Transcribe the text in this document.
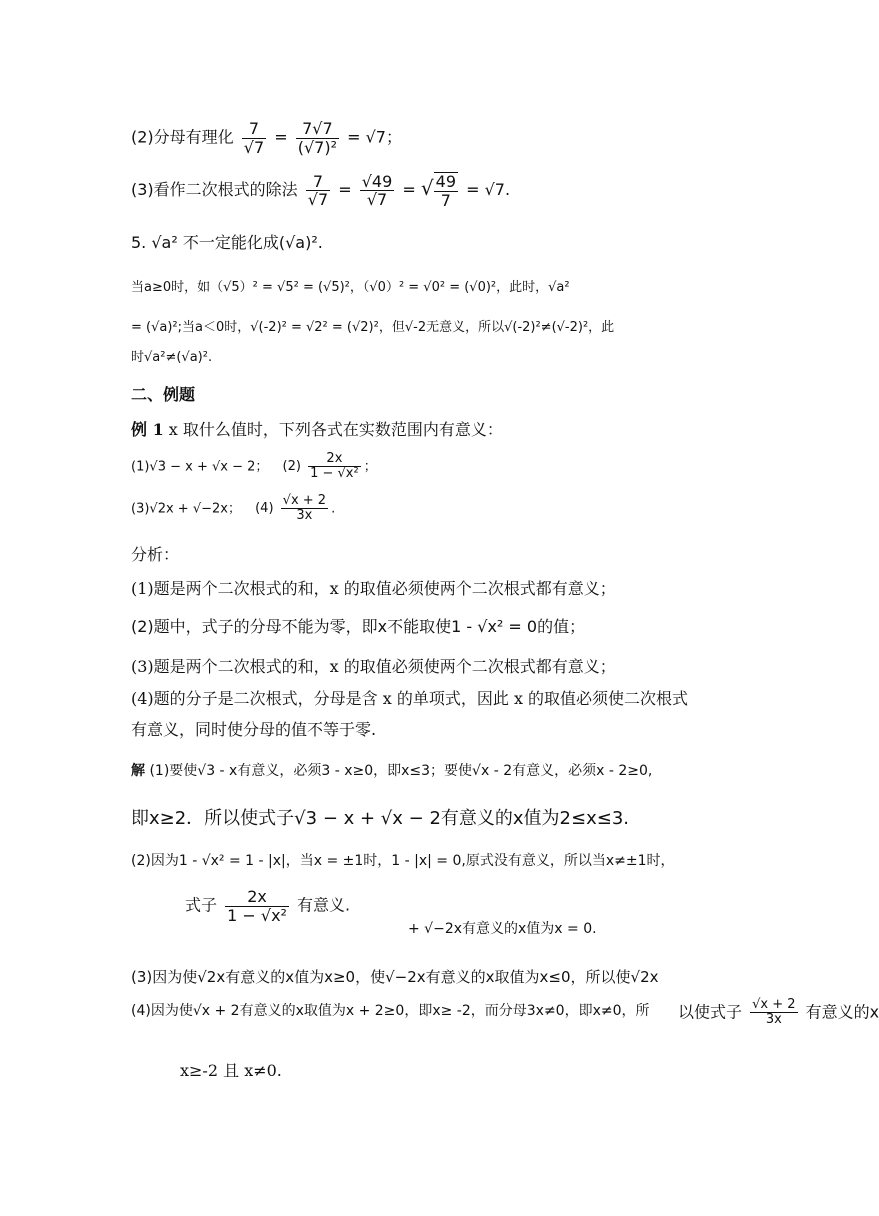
(2)分母有理化 $\frac{7}{√7} = \frac{7√7}{\text{(√7)²}} = √7$；
(3)看作二次根式的除法 $\frac{7}{√7} = \frac{√49}{√7}$ = √ $\frac{49}{7} = √7$.
5. √a² 不一定能化成(√a)².
当a≥0时，如（√5）² = √5² = (√5)²，（√0）² = √0² = (√0)²，此时，√a²
= (√a)²;当a＜0时，√(-2)² = √2² = (√2)²，但√-2无意义，所以√(-2)²≠(√-2)²，此
时√a²≠(√a)².
二、例题
例 1 x 取什么值时，下列各式在实数范围内有意义：
(1)√3 − x + √x − 2； $(2) \frac{2x}{\text{1 − √x²}}$ ；
(3)√2x + √−2x； $(4) \frac{√x + 2}{3x}$ .
分析：
(1)题是两个二次根式的和，x 的取值必须使两个二次根式都有意义；
(2)题中，式子的分母不能为零，即x不能取使1 - √x² = 0的值；
(3)题是两个二次根式的和，x 的取值必须使两个二次根式都有意义；
(4)题的分子是二次根式，分母是含 x 的单项式，因此 x 的取值必须使二次根式
有意义，同时使分母的值不等于零.
解 (1)要使√3 - x有意义，必须3 - x≥0，即x≤3；要使√x - 2有意义，必须x - 2≥0,
即x≥2．所以使式子√3 − x + √x − 2有意义的x值为2≤x≤3.
(2)因为1 - √x² = 1 - |x|，当x = ±1时，1 - |x| = 0,原式没有意义，所以当x≠±1时，
式子 $\frac{2x}{\text{1 − √x²}}$ 有意义.
+ √−2x有意义的x值为x = 0.
(3)因为使√2x有意义的x值为x≥0，使√−2x有意义的x取值为x≤0，所以使√2x
(4)因为使√x + 2有意义的x取值为x + 2≥0，即x≥ -2，而分母3x≠0，即x≠0，所 以使式子 $\frac{√x + 2}{3x}$ 有意义的x
x≥-2 且 x≠0.
